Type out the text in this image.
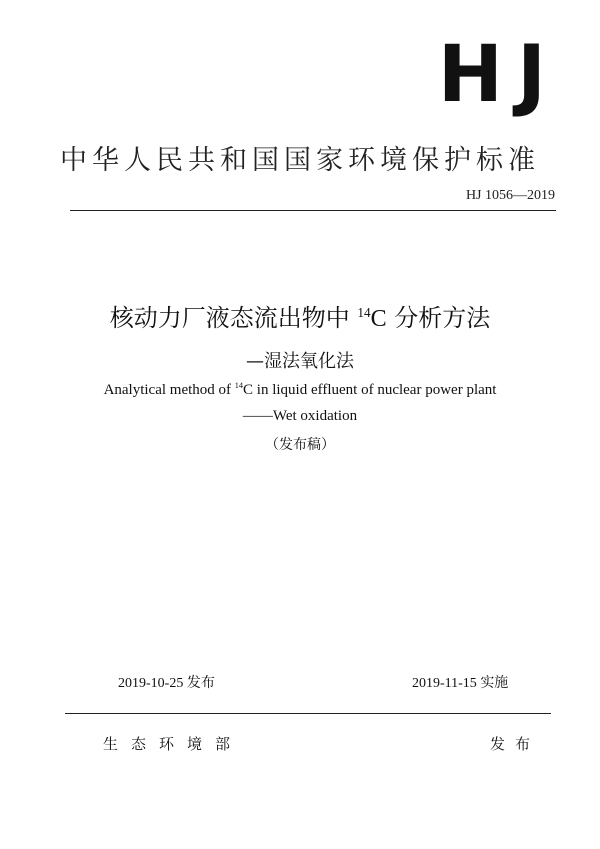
HJ
中华人民共和国国家环境保护标准
HJ 1056—2019
核动力厂液态流出物中 $^{14}$C 分析方法
—湿法氧化法
Analytical method of $^{14}$C in liquid effluent of nuclear power plant
——Wet oxidation
（发布稿）
2019-10-25 发布	2019-11-15 实施
生态环境部	发布
